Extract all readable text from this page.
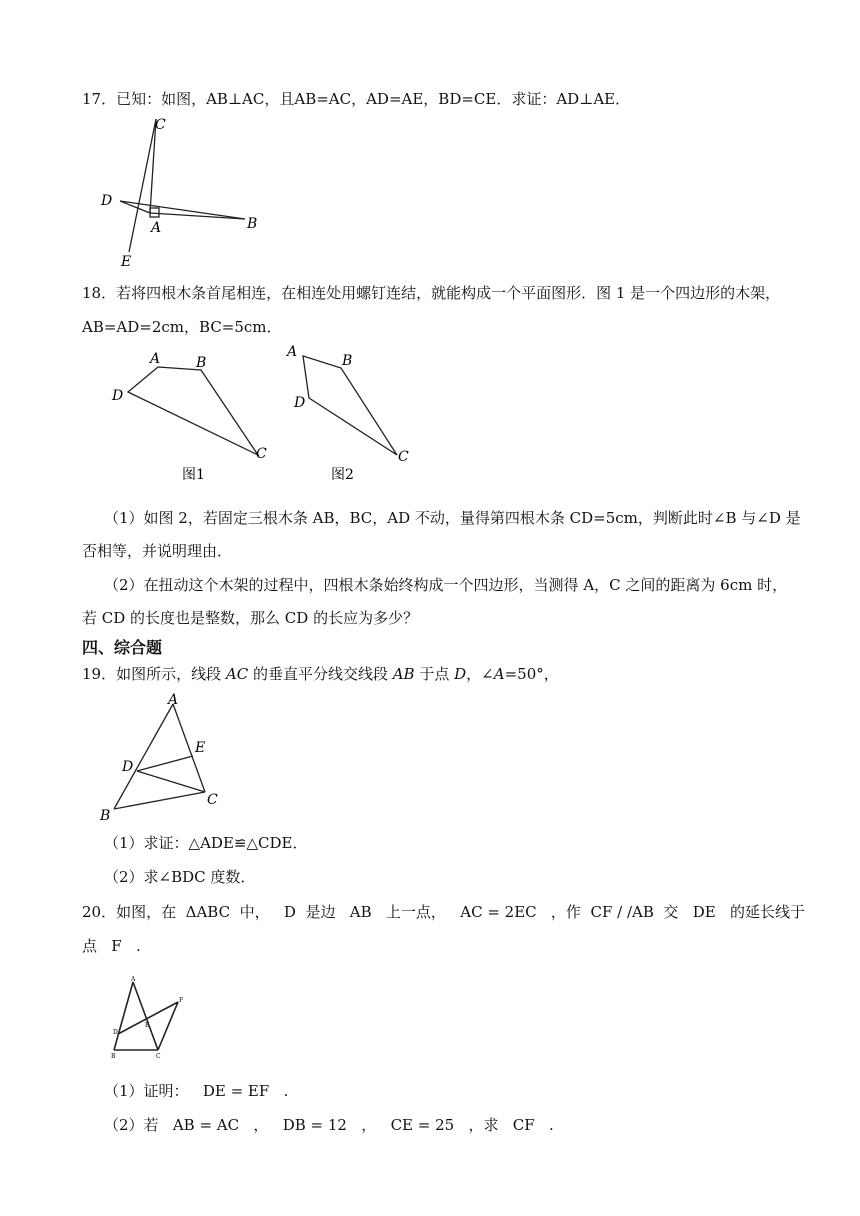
17．已知：如图，AB⊥AC，且AB=AC，AD=AE，BD=CE．求证：AD⊥AE．
C
D
A	B
E
18．若将四根木条首尾相连，在相连处用螺钉连结，就能构成一个平面图形．图 1 是一个四边形的木架，
AB=AD=2cm，BC=5cm．
A	B
D
C
图1
A
B
D
C
图2
（1）如图 2，若固定三根木条 AB，BC，AD 不动，量得第四根木条 CD=5cm，判断此时∠B 与∠D 是
否相等，并说明理由．
（2）在扭动这个木架的过程中，四根木条始终构成一个四边形，当测得 A，C 之间的距离为 6cm 时，
若 CD 的长度也是整数，那么 CD 的长应为多少？
四、综合题
19．如图所示，线段 AC 的垂直平分线交线段 AB 于点 D，∠A=50°，
A
E
D
C
B
（1）求证：△ADE≌△CDE．
（2）求∠BDC 度数．
20．如图，在  ΔABC  中，   D  是边   AB   上一点，   AC = 2EC   ，作  CF / /AB  交   DE   的延长线于
点   F   .
A
F
D
E
B	C
（1）证明：   DE = EF   .
（2）若   AB = AC   ，   DB = 12   ，   CE = 25   ，求   CF   .
